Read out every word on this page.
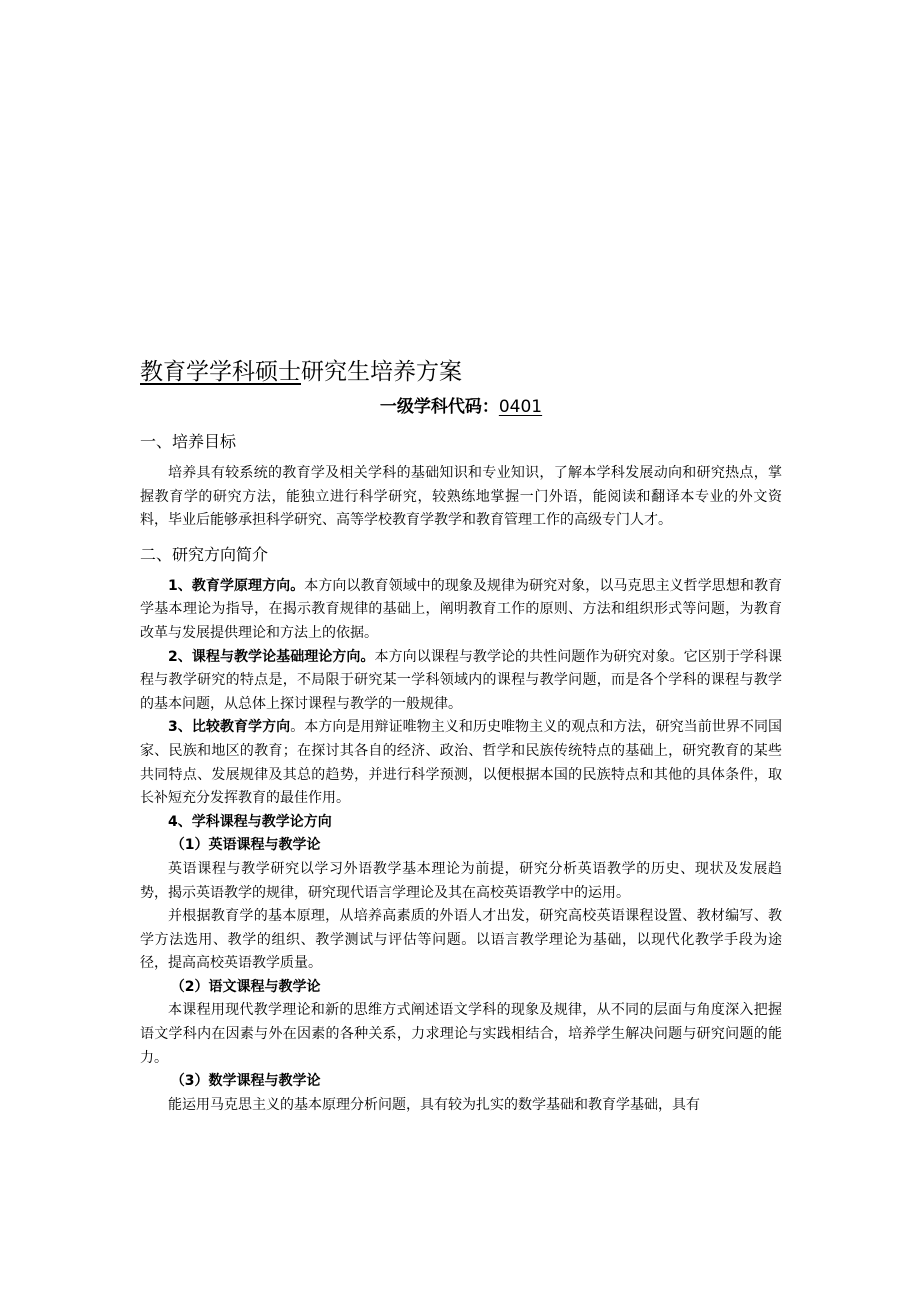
教育学学科硕士研究生培养方案
一级学科代码：0401
一、培养目标

培养具有较系统的教育学及相关学科的基础知识和专业知识，了解本学科发展动向和研究热点，掌握教育学的研究方法，能独立进行科学研究，较熟练地掌握一门外语，能阅读和翻译本专业的外文资料，毕业后能够承担科学研究、高等学校教育学教学和教育管理工作的高级专门人才。

二、研究方向简介

1、教育学原理方向。本方向以教育领域中的现象及规律为研究对象，以马克思主义哲学思想和教育学基本理论为指导，在揭示教育规律的基础上，阐明教育工作的原则、方法和组织形式等问题，为教育改革与发展提供理论和方法上的依据。

2、课程与教学论基础理论方向。本方向以课程与教学论的共性问题作为研究对象。它区别于学科课程与教学研究的特点是，不局限于研究某一学科领域内的课程与教学问题，而是各个学科的课程与教学的基本问题，从总体上探讨课程与教学的一般规律。

3、比较教育学方向。本方向是用辩证唯物主义和历史唯物主义的观点和方法，研究当前世界不同国家、民族和地区的教育；在探讨其各自的经济、政治、哲学和民族传统特点的基础上，研究教育的某些共同特点、发展规律及其总的趋势，并进行科学预测，以便根据本国的民族特点和其他的具体条件，取长补短充分发挥教育的最佳作用。

4、学科课程与教学论方向
（1）英语课程与教学论

英语课程与教学研究以学习外语教学基本理论为前提，研究分析英语教学的历史、现状及发展趋势，揭示英语教学的规律，研究现代语言学理论及其在高校英语教学中的运用。

并根据教育学的基本原理，从培养高素质的外语人才出发，研究高校英语课程设置、教材编写、教学方法选用、教学的组织、教学测试与评估等问题。以语言教学理论为基础，以现代化教学手段为途径，提高高校英语教学质量。

（2）语文课程与教学论

本课程用现代教学理论和新的思维方式阐述语文学科的现象及规律，从不同的层面与角度深入把握语文学科内在因素与外在因素的各种关系，力求理论与实践相结合，培养学生解决问题与研究问题的能力。

（3）数学课程与教学论

能运用马克思主义的基本原理分析问题，具有较为扎实的数学基础和教育学基础，具有
